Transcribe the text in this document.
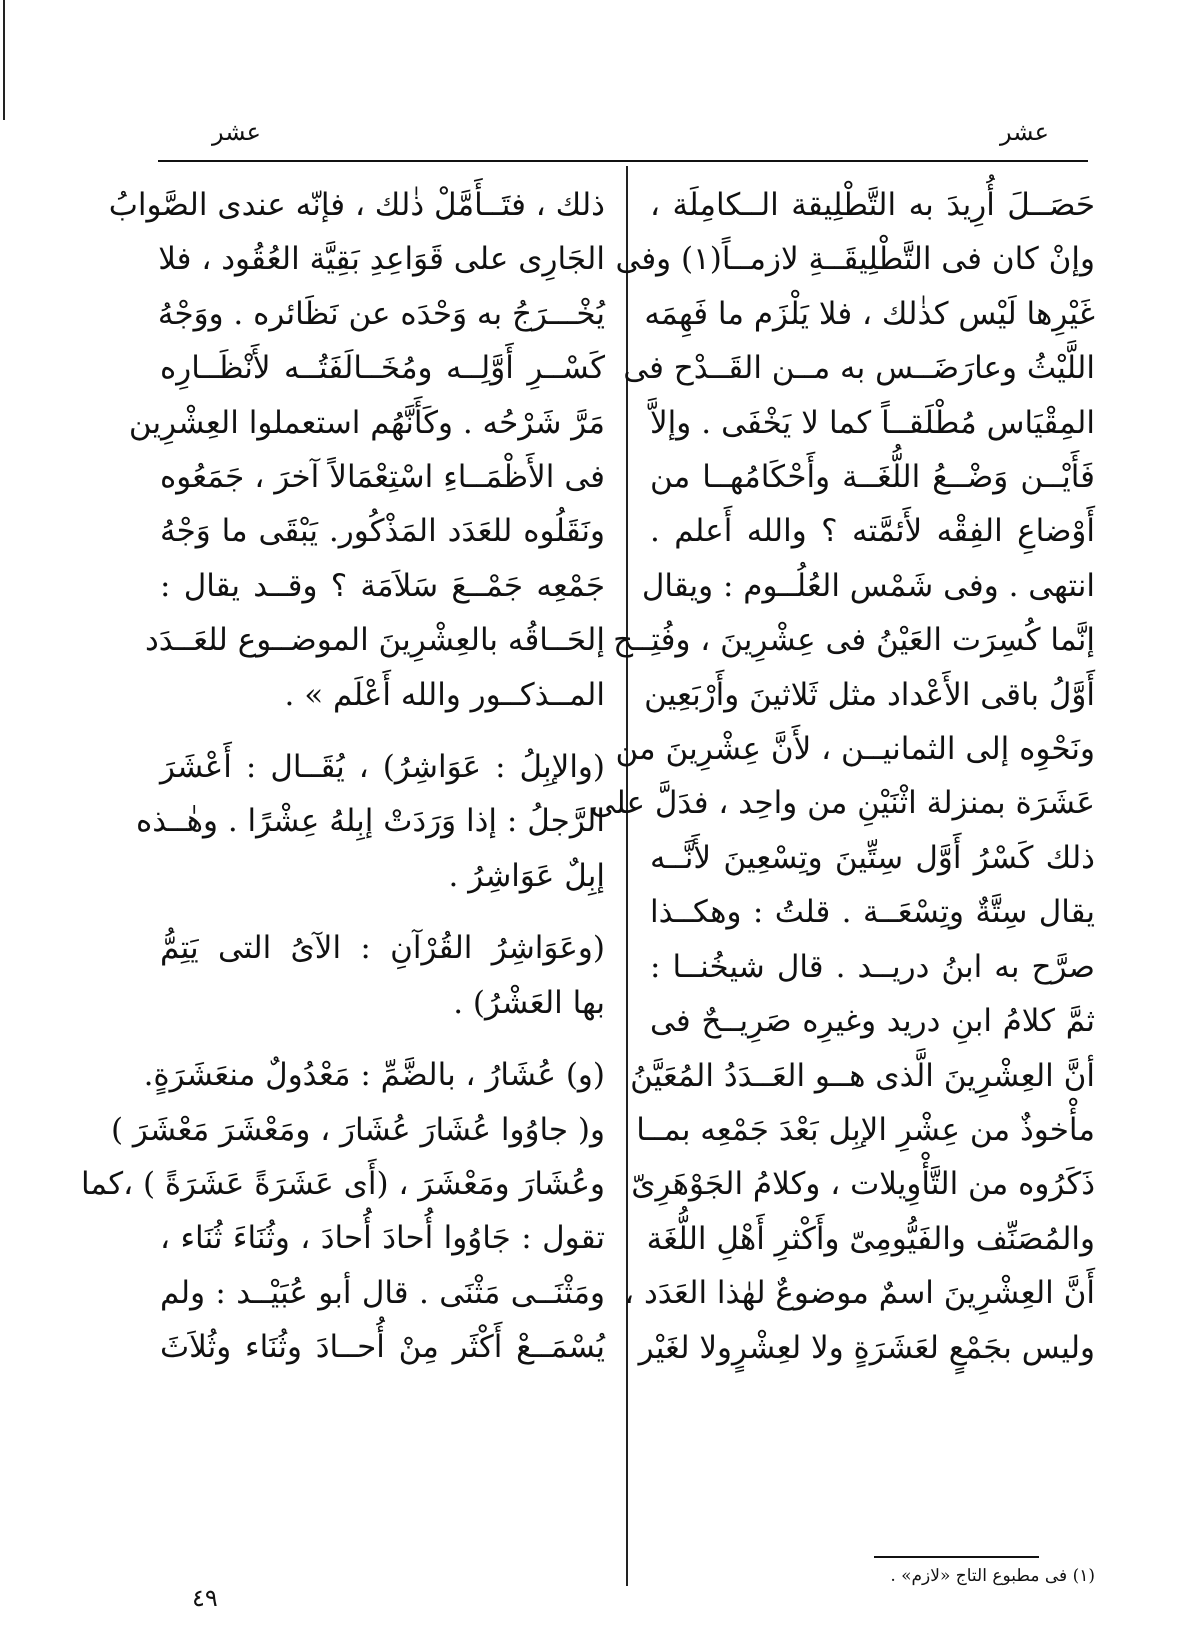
عشر	عشر
حَصَــلَ أُرِيدَ به التَّطْلِيقة الــكامِلَة ،
وإنْ كان فى التَّطْلِيقَــةِ لازمــاً(١) وفى
غَيْرِها لَيْس كذٰلك ، فلا يَلْزَم ما فَهِمَه
اللَّيْثُ وعارَضَــس به مــن القَــدْح فى
المِقْيَاس مُطْلَقــاً كما لا يَخْفَى . وإلاَّ
فَأَيْــن وَضْــعُ اللُّغَــة وأَحْكَامُهــا من
أَوْضاعِ الفِقْه لأَئمَّته ؟ والله أَعلم .
انتهى . وفى شَمْس العُلُــوم : ويقال
إنَّما كُسِرَت العَيْنُ فى عِشْرِينَ ، وفُتِــح
أَوَّلُ باقى الأَعْداد مثل ثَلاثينَ وأَرْبَعِين
ونَحْوِه إلى الثمانيــن ، لأَنَّ عِشْرِينَ من
عَشَرَة بمنزلة اثْنَيْنِ من واحِد ، فدَلَّ على
ذلك كَسْرُ أَوَّل سِتِّينَ وتِسْعِينَ لأَنَّــه
يقال سِتَّةٌ وتِسْعَــة . قلتُ : وهكــذا
صرَّح به ابنُ دريــد . قال شيخُنــا :
ثمَّ كلامُ ابنِ دريد وغيرِه صَرِيــحٌ فى
أنَّ العِشْرِينَ الَّذى هــو العَــدَدُ المُعَيَّنُ
مأْخوذٌ من عِشْرِ الإبِل بَعْدَ جَمْعِه بمــا
ذَكَرُوه من التَّأْوِيلات ، وكلامُ الجَوْهَرِىّ
والمُصَنِّف والفَيُّومِىّ وأَكْثرِ أَهْلِ اللُّغَة
أَنَّ العِشْرِينَ اسمٌ موضوعٌ لهٰذا العَدَد ،
وليس بجَمْعٍ لعَشَرَةٍ ولا لعِشْرٍولا لغَيْر
ذلك ، فتَــأَمَّلْ ذٰلك ، فإنّه عندى الصَّوابُ
الجَارِى على قَوَاعِدِ بَقِيَّة العُقُود ، فلا
يُخْـــرَجُ به وَحْدَه عن نَظَائره . ووَجْهُ
كَسْــرِ أَوَّلِــه ومُخَــالَفَتُــه لأَنْظَــارِه
مَرَّ شَرْحُه . وكَأَنَّهُم استعملوا العِشْرِين
فى الأَظْمَــاءِ اسْتِعْمَالاً آخرَ ، جَمَعُوه
ونَقَلُوه للعَدَد المَذْكُور. يَبْقَى ما وَجْهُ
جَمْعِه جَمْــعَ سَلاَمَة ؟ وقــد يقال :
إلحَــاقُه بالعِشْرِينَ الموضــوع للعَــدَد
المــذكــور والله أَعْلَم » .
(والإبِلُ : عَوَاشِرُ) ، يُقَــال : أَعْشَرَ
الرَّجلُ : إذا وَرَدَتْ إبِلهُ عِشْرًا . وهٰــذه
إبِلٌ عَوَاشِرُ .
(وعَوَاشِرُ القُرْآنِ : الآىُ التى يَتِمُّ
بها العَشْرُ) .
(و) عُشَارُ ، بالضَّمِّ : مَعْدُولٌ منعَشَرَةٍ.
و( جاوُوا عُشَارَ عُشَارَ ، ومَعْشَرَ مَعْشَرَ )
وعُشَارَ ومَعْشَرَ ، (أَى عَشَرَةً عَشَرَةً ) ،كما
تقول : جَاوُوا أُحادَ أُحادَ ، وثُنَاءَ ثُنَاء ،
ومَثْنَــى مَثْنَى . قال أبو عُبَيْــد : ولم
يُسْمَــعْ أَكْثَر مِنْ أُحــادَ وثُنَاء وثُلاَثَ
(١) فى مطبوع التاج «لازم» .
٤٩
